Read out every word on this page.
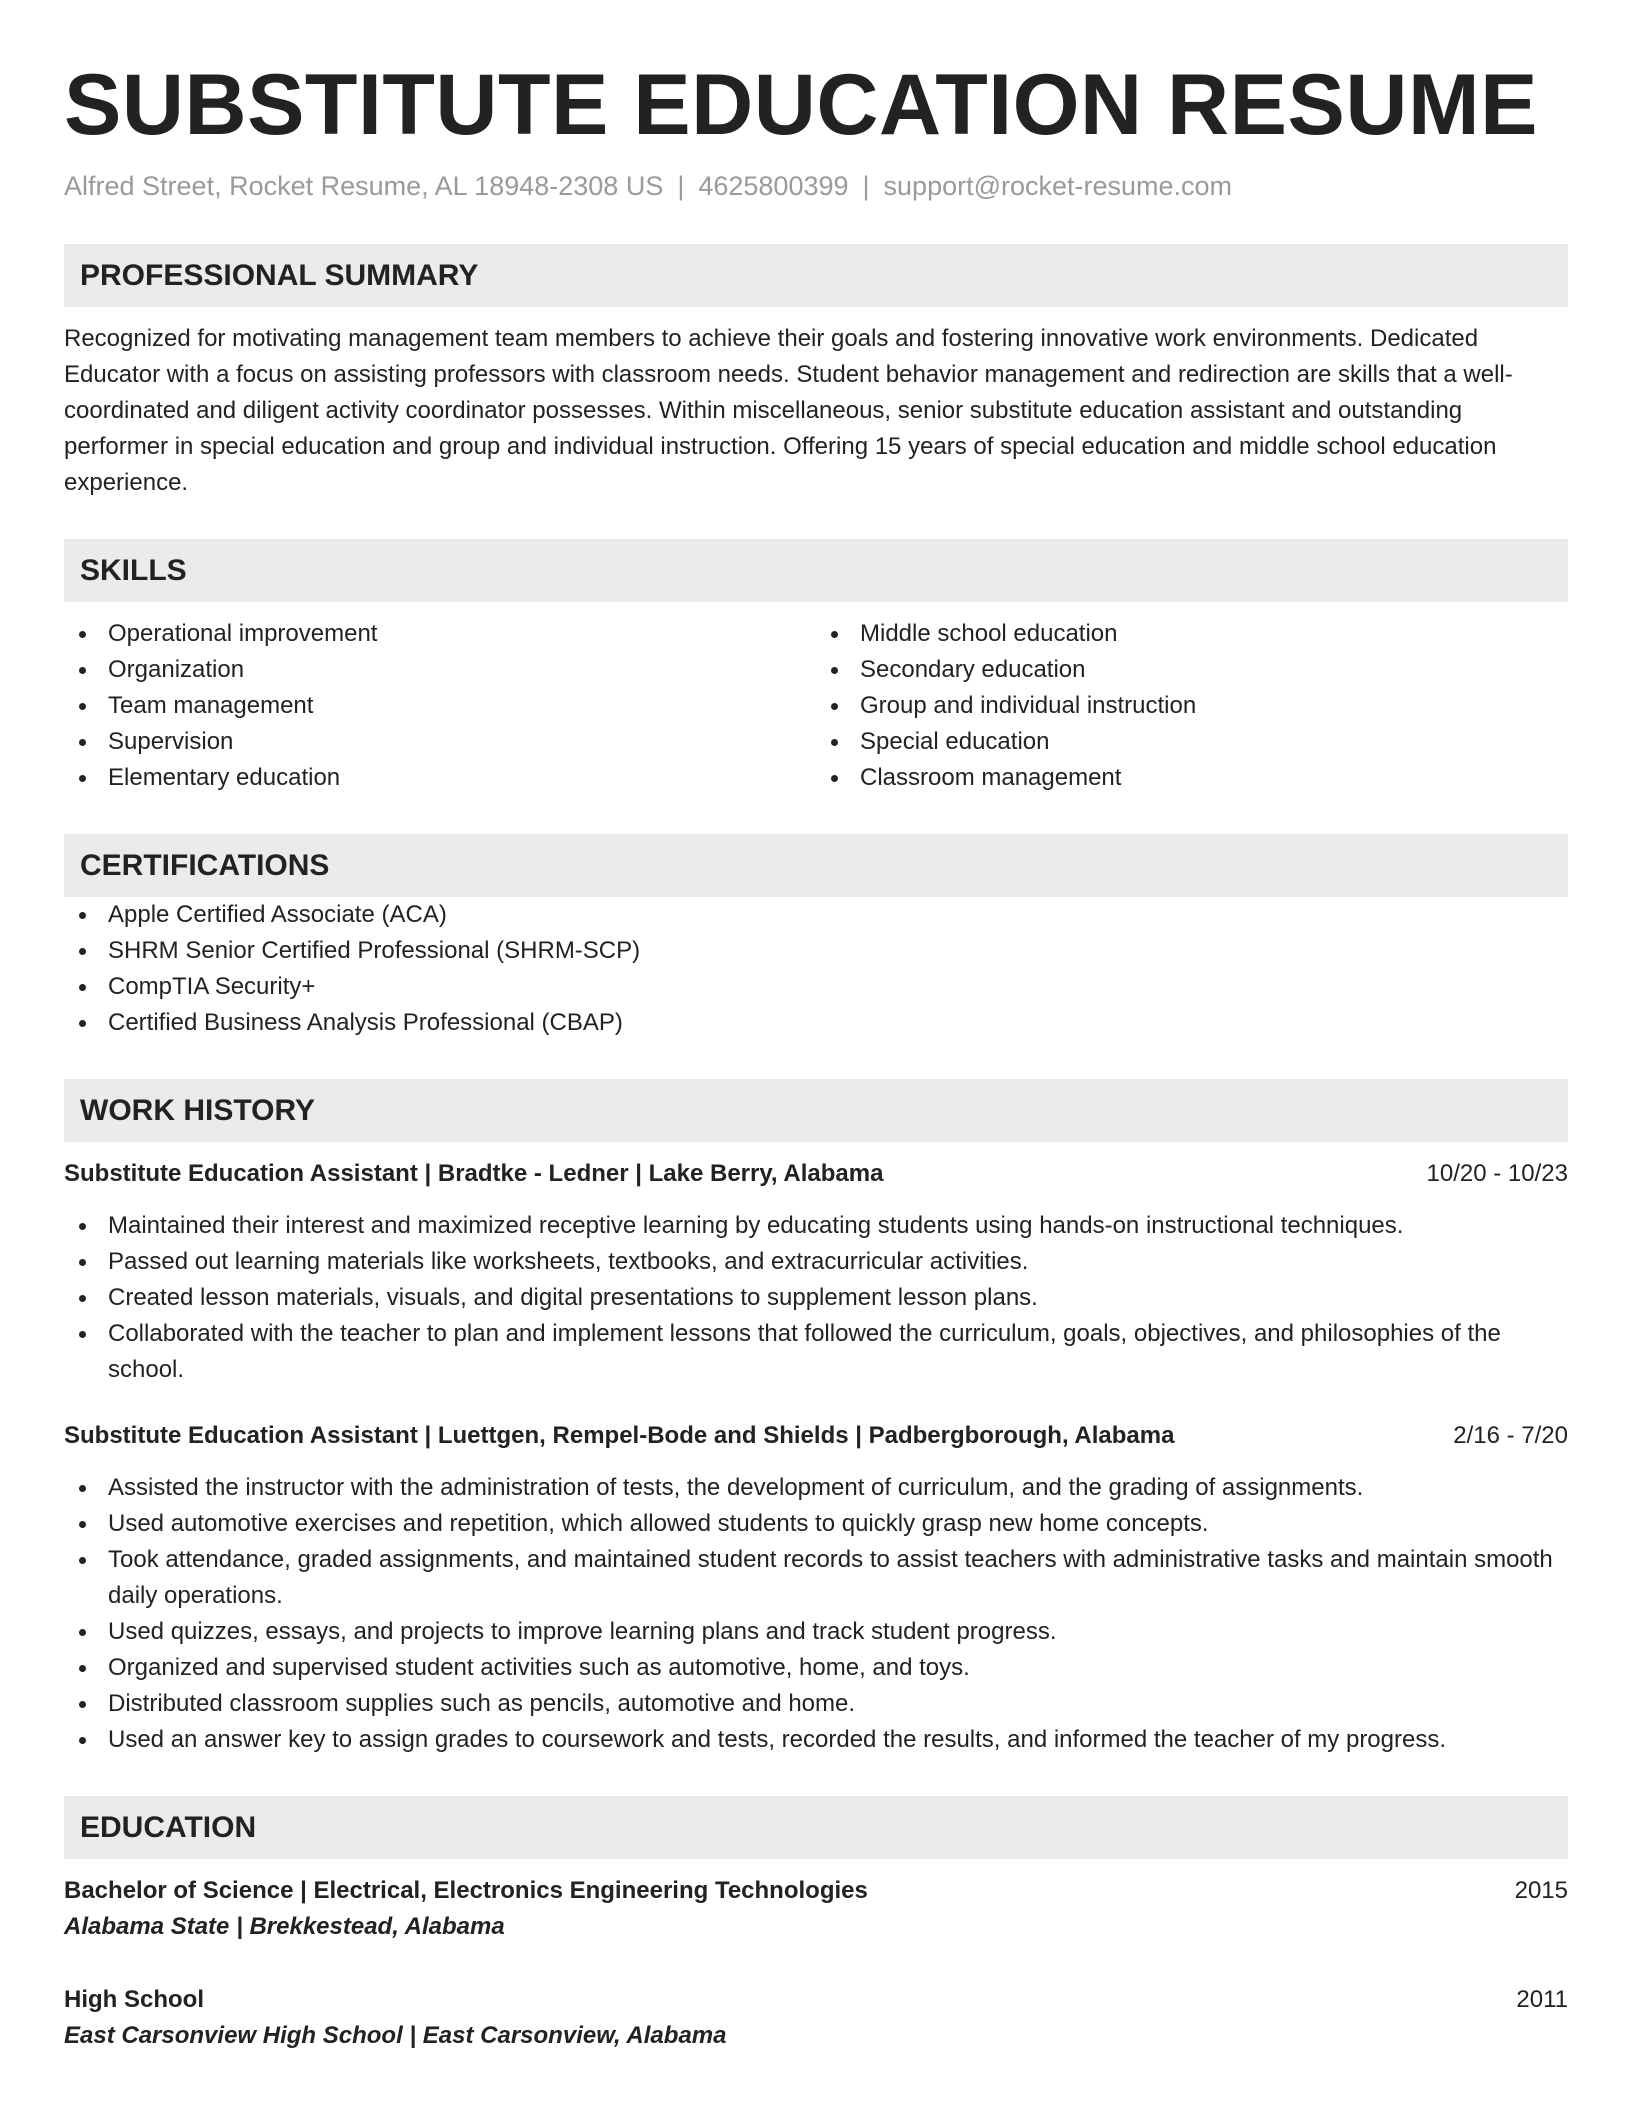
SUBSTITUTE EDUCATION RESUME
Alfred Street, Rocket Resume, AL 18948-2308 US | 4625800399 | support@rocket-resume.com
PROFESSIONAL SUMMARY
Recognized for motivating management team members to achieve their goals and fostering innovative work environments. Dedicated Educator with a focus on assisting professors with classroom needs. Student behavior management and redirection are skills that a well-coordinated and diligent activity coordinator possesses. Within miscellaneous, senior substitute education assistant and outstanding performer in special education and group and individual instruction. Offering 15 years of special education and middle school education experience.
SKILLS
Operational improvement
Organization
Team management
Supervision
Elementary education
Middle school education
Secondary education
Group and individual instruction
Special education
Classroom management
CERTIFICATIONS
Apple Certified Associate (ACA)
SHRM Senior Certified Professional (SHRM-SCP)
CompTIA Security+
Certified Business Analysis Professional (CBAP)
WORK HISTORY
Substitute Education Assistant | Bradtke - Ledner | Lake Berry, Alabama	10/20 - 10/23
Maintained their interest and maximized receptive learning by educating students using hands-on instructional techniques.
Passed out learning materials like worksheets, textbooks, and extracurricular activities.
Created lesson materials, visuals, and digital presentations to supplement lesson plans.
Collaborated with the teacher to plan and implement lessons that followed the curriculum, goals, objectives, and philosophies of the school.
Substitute Education Assistant | Luettgen, Rempel-Bode and Shields | Padbergborough, Alabama	2/16 - 7/20
Assisted the instructor with the administration of tests, the development of curriculum, and the grading of assignments.
Used automotive exercises and repetition, which allowed students to quickly grasp new home concepts.
Took attendance, graded assignments, and maintained student records to assist teachers with administrative tasks and maintain smooth daily operations.
Used quizzes, essays, and projects to improve learning plans and track student progress.
Organized and supervised student activities such as automotive, home, and toys.
Distributed classroom supplies such as pencils, automotive and home.
Used an answer key to assign grades to coursework and tests, recorded the results, and informed the teacher of my progress.
EDUCATION
Bachelor of Science | Electrical, Electronics Engineering Technologies	2015
Alabama State | Brekkestead, Alabama
High School	2011
East Carsonview High School | East Carsonview, Alabama
